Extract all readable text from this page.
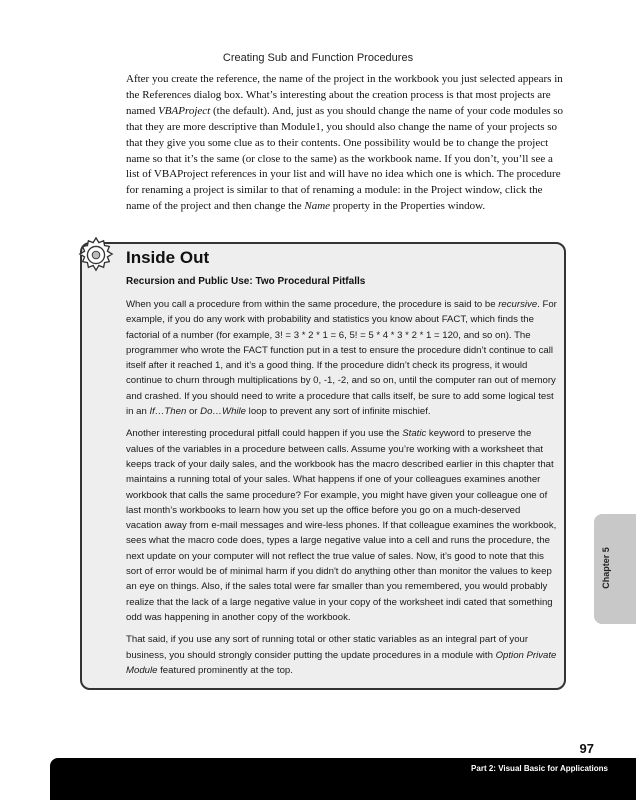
Creating Sub and Function Procedures

After you create the reference, the name of the project in the workbook you just selected appears in the References dialog box. What’s interesting about the creation process is that most projects are named VBAProject (the default). And, just as you should change the name of your code modules so that they are more descriptive than Module1, you should also change the name of your projects so that they give you some clue as to their contents. One possibility would be to change the project name so that it’s the same (or close to the same) as the workbook name. If you don’t, you’ll see a list of VBAProject references in your list and will have no idea which one is which. The procedure for renaming a project is similar to that of renaming a module: in the Project window, click the name of the project and then change the Name property in the Properties window.

Inside Out
Recursion and Public Use: Two Procedural Pitfalls

When you call a procedure from within the same procedure, the procedure is said to be recursive. For example, if you do any work with probability and statistics you know about FACT, which finds the factorial of a number (for example, 3! = 3 * 2 * 1 = 6, 5! = 5 * 4 * 3 * 2 * 1 = 120, and so on). The programmer who wrote the FACT function put in a test to ensure the procedure didn’t continue to call itself after it reached 1, and it’s a good thing. If the procedure didn’t check its progress, it would continue to churn through multiplications by 0, -1, -2, and so on, until the computer ran out of memory and crashed. If you should need to write a procedure that calls itself, be sure to add some logical test in an If…Then or Do…While loop to prevent any sort of infinite mischief.

Another interesting procedural pitfall could happen if you use the Static keyword to preserve the values of the variables in a procedure between calls. Assume you’re working with a worksheet that keeps track of your daily sales, and the workbook has the macro described earlier in this chapter that maintains a running total of your sales. What happens if one of your colleagues examines another workbook that calls the same procedure? For example, you might have given your colleague one of last month’s workbooks to learn how you set up the office before you go on a much-deserved vacation away from e-mail messages and wire-less phones. If that colleague examines the workbook, sees what the macro code does, types a large negative value into a cell and runs the procedure, the next update on your computer will not reflect the true value of sales. Now, it’s good to note that this sort of error would be of minimal harm if you didn't do anything other than monitor the values to keep an eye on things. Also, if the sales total were far smaller than you remembered, you would probably realize that the lack of a large negative value in your copy of the worksheet indi cated that something odd was happening in another copy of the workbook.

That said, if you use any sort of running total or other static variables as an integral part of your business, you should strongly consider putting the update procedures in a module with Option Private Module featured prominently at the top.

Chapter 5
97
Part 2: Visual Basic for Applications
